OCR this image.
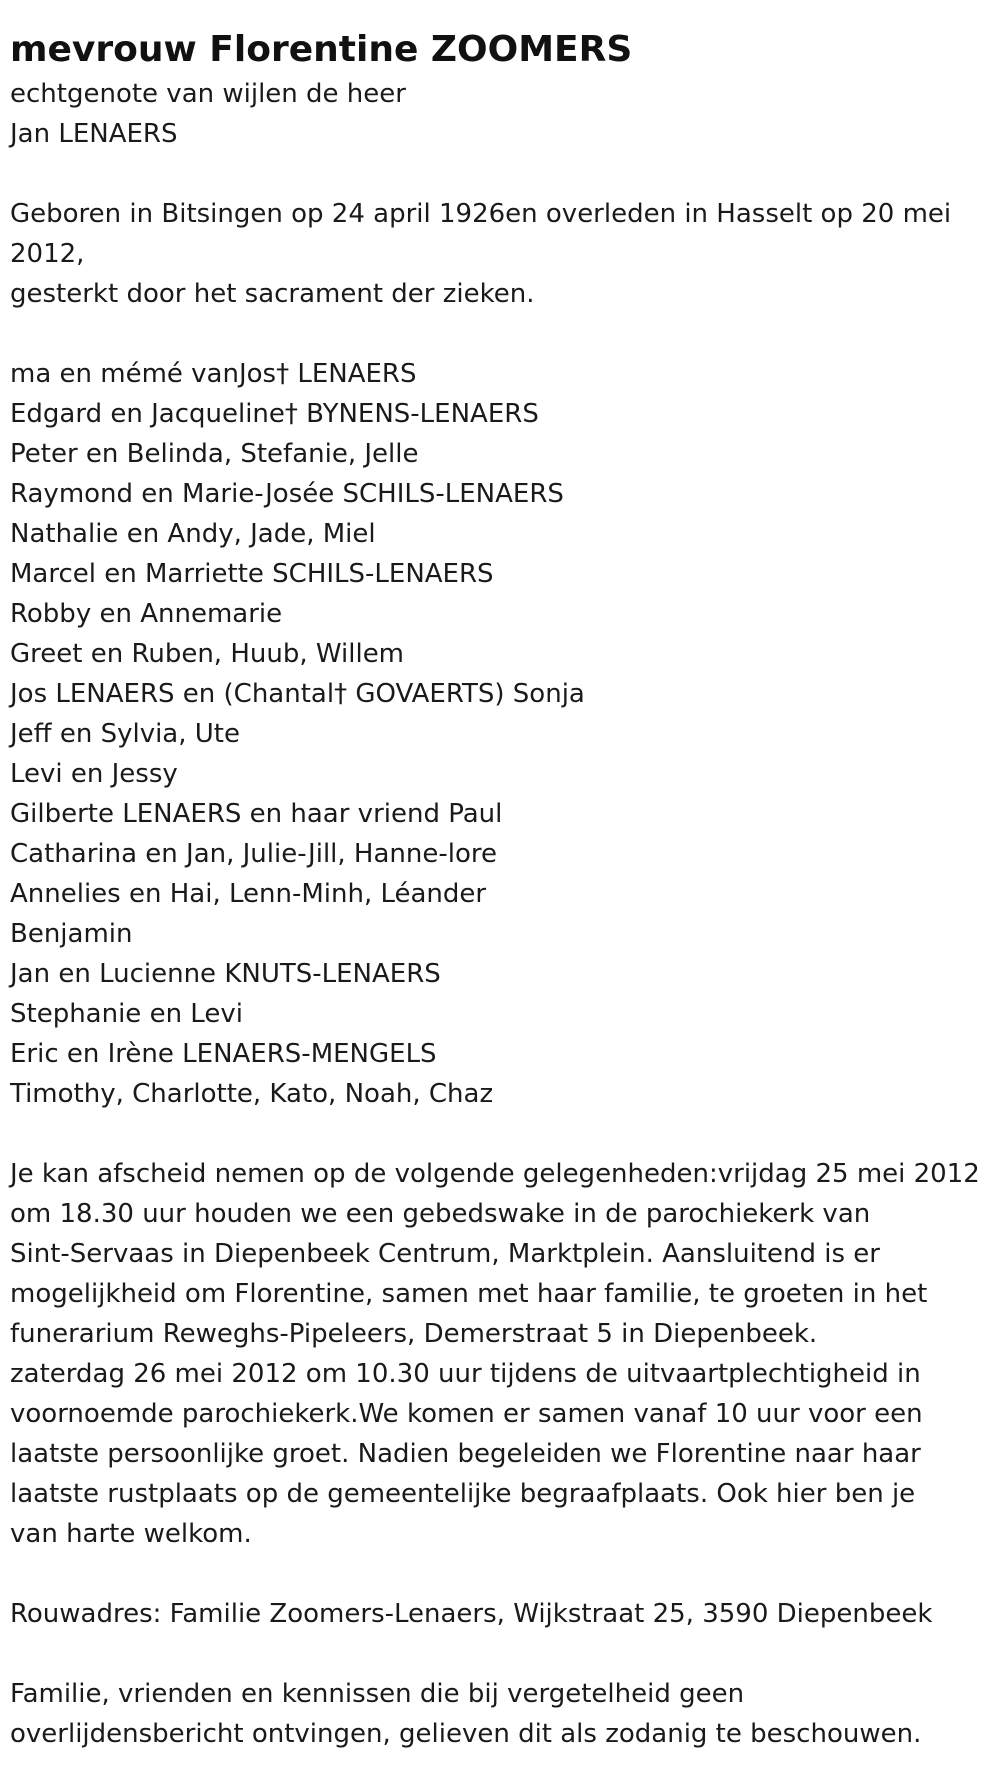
mevrouw Florentine ZOOMERS
echtgenote van wijlen de heer
Jan LENAERS
Geboren in Bitsingen op 24 april 1926en overleden in Hasselt op 20 mei
2012,
gesterkt door het sacrament der zieken.
ma en mémé vanJos† LENAERS
Edgard en Jacqueline† BYNENS-LENAERS
Peter en Belinda, Stefanie, Jelle
Raymond en Marie-Josée SCHILS-LENAERS
Nathalie en Andy, Jade, Miel
Marcel en Marriette SCHILS-LENAERS
Robby en Annemarie
Greet en Ruben, Huub, Willem
Jos LENAERS en (Chantal† GOVAERTS) Sonja
Jeff en Sylvia, Ute
Levi en Jessy
Gilberte LENAERS en haar vriend Paul
Catharina en Jan, Julie-Jill, Hanne-lore
Annelies en Hai, Lenn-Minh, Léander
Benjamin
Jan en Lucienne KNUTS-LENAERS
Stephanie en Levi
Eric en Irène LENAERS-MENGELS
Timothy, Charlotte, Kato, Noah, Chaz
Je kan afscheid nemen op de volgende gelegenheden:vrijdag 25 mei 2012
om 18.30 uur houden we een gebedswake in de parochiekerk van
Sint-Servaas in Diepenbeek Centrum, Marktplein. Aansluitend is er
mogelijkheid om Florentine, samen met haar familie, te groeten in het
funerarium Reweghs-Pipeleers, Demerstraat 5 in Diepenbeek.
zaterdag 26 mei 2012 om 10.30 uur tijdens de uitvaartplechtigheid in
voornoemde parochiekerk.We komen er samen vanaf 10 uur voor een
laatste persoonlijke groet. Nadien begeleiden we Florentine naar haar
laatste rustplaats op de gemeentelijke begraafplaats. Ook hier ben je
van harte welkom.
Rouwadres: Familie Zoomers-Lenaers, Wijkstraat 25, 3590 Diepenbeek
Familie, vrienden en kennissen die bij vergetelheid geen
overlijdensbericht ontvingen, gelieven dit als zodanig te beschouwen.
